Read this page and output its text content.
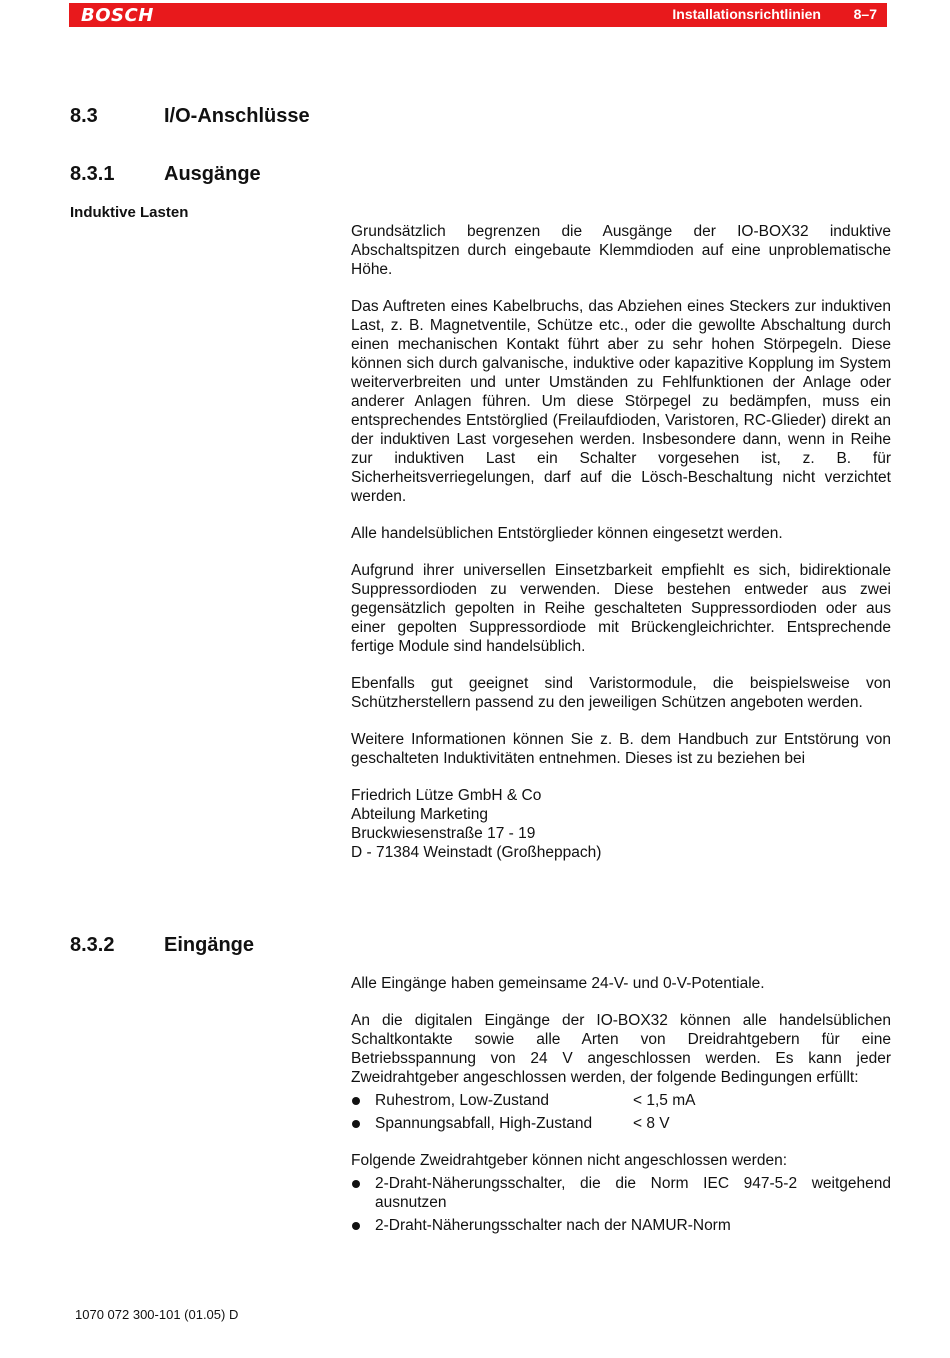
BOSCH	Installationsrichtlinien 8–7
8.3	I/O-Anschlüsse
8.3.1 Ausgänge
Induktive Lasten

Grundsätzlich begrenzen die Ausgänge der IO-BOX32 induktive Abschaltspitzen durch eingebaute Klemmdioden auf eine unproblematische Höhe.

Das Auftreten eines Kabelbruchs, das Abziehen eines Steckers zur induktiven Last, z. B. Magnetventile, Schütze etc., oder die gewollte Abschaltung durch einen mechanischen Kontakt führt aber zu sehr hohen Störpegeln. Diese können sich durch galvanische, induktive oder kapazitive Kopplung im System weiterverbreiten und unter Umständen zu Fehlfunktionen der Anlage oder anderer Anlagen führen. Um diese Störpegel zu bedämpfen, muss ein entsprechendes Entstörglied (Freilaufdioden, Varistoren, RC-Glieder) direkt an der induktiven Last vorgesehen werden. Insbesondere dann, wenn in Reihe zur induktiven Last ein Schalter vorgesehen ist, z. B. für Sicherheitsverriegelungen, darf auf die Lösch-Beschaltung nicht verzichtet werden.

Alle handelsüblichen Entstörglieder können eingesetzt werden.

Aufgrund ihrer universellen Einsetzbarkeit empfiehlt es sich, bidirektionale Suppressordioden zu verwenden. Diese bestehen entweder aus zwei gegensätzlich gepolten in Reihe geschalteten Suppressordioden oder aus einer gepolten Suppressordiode mit Brückengleichrichter. Entsprechende fertige Module sind handelsüblich.

Ebenfalls gut geeignet sind Varistormodule, die beispielsweise von Schützherstellern passend zu den jeweiligen Schützen angeboten werden.

Weitere Informationen können Sie z. B. dem Handbuch zur Entstörung von geschalteten Induktivitäten entnehmen. Dieses ist zu beziehen bei

Friedrich Lütze GmbH & Co

Abteilung Marketing

Bruckwiesenstraße 17 - 19

D - 71384 Weinstadt (Großheppach)

8.3.2 Eingänge

Alle Eingänge haben gemeinsame 24-V- und 0-V-Potentiale.

An die digitalen Eingänge der IO-BOX32 können alle handelsüblichen Schaltkontakte sowie alle Arten von Dreidrahtgebern für eine Betriebsspannung von 24 V angeschlossen werden. Es kann jeder Zweidrahtgeber angeschlossen werden, der folgende Bedingungen erfüllt:

Ruhestrom, Low-Zustand	< 1,5 mA
Spannungsabfall, High-Zustand	< 8 V

Folgende Zweidrahtgeber können nicht angeschlossen werden:

2-Draht-Näherungsschalter, die die Norm IEC 947-5-2 weitgehend ausnutzen
2-Draht-Näherungsschalter nach der NAMUR-Norm
1070 072 300-101 (01.05) D
